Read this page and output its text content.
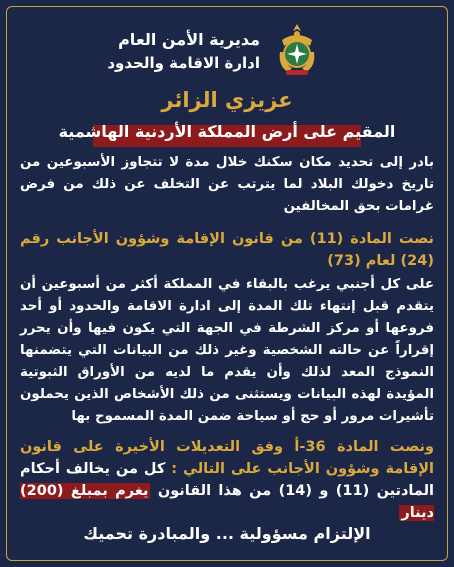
مديرية الأمن العام
ادارة الاقامة والحدود
عزيزي الزائر
المقيم على أرض المملكة الأردنية الهاشمية
بادر إلى تحديد مكان سكنك خلال مدة لا تتجاوز الأسبوعين من تاريخ دخولك البلاد لما يترتب عن التخلف عن ذلك من فرض غرامات بحق المخالفين
نصت المادة (11) من قانون الإقامة وشؤون الأجانب رقم (24) لعام (73)
على كل أجنبي يرغب بالبقاء في المملكة أكثر من أسبوعين أن يتقدم قبل إنتهاء تلك المدة إلى ادارة الاقامة والحدود أو أحد فروعها أو مركز الشرطة في الجهة التي يكون فيها وأن يحرر إقراراً عن حالته الشخصية وغير ذلك من البيانات التي يتضمنها النموذج المعد لذلك وأن يقدم ما لديه من الأوراق الثبوتية المؤيدة لهذه البيانات ويستثنى من ذلك الأشخاص الذين يحملون تأشيرات مرور أو حج أو سياحة ضمن المدة المسموح بها
ونصت المادة 36-أ وفق التعديلات الأخيرة على قانون الإقامة وشؤون الأجانب على التالي : كل من يخالف أحكام المادتين (11) و (14) من هذا القانون يغرم بمبلغ (200) دينار
الإلتزام مسؤولية ... والمبادرة تحميك
